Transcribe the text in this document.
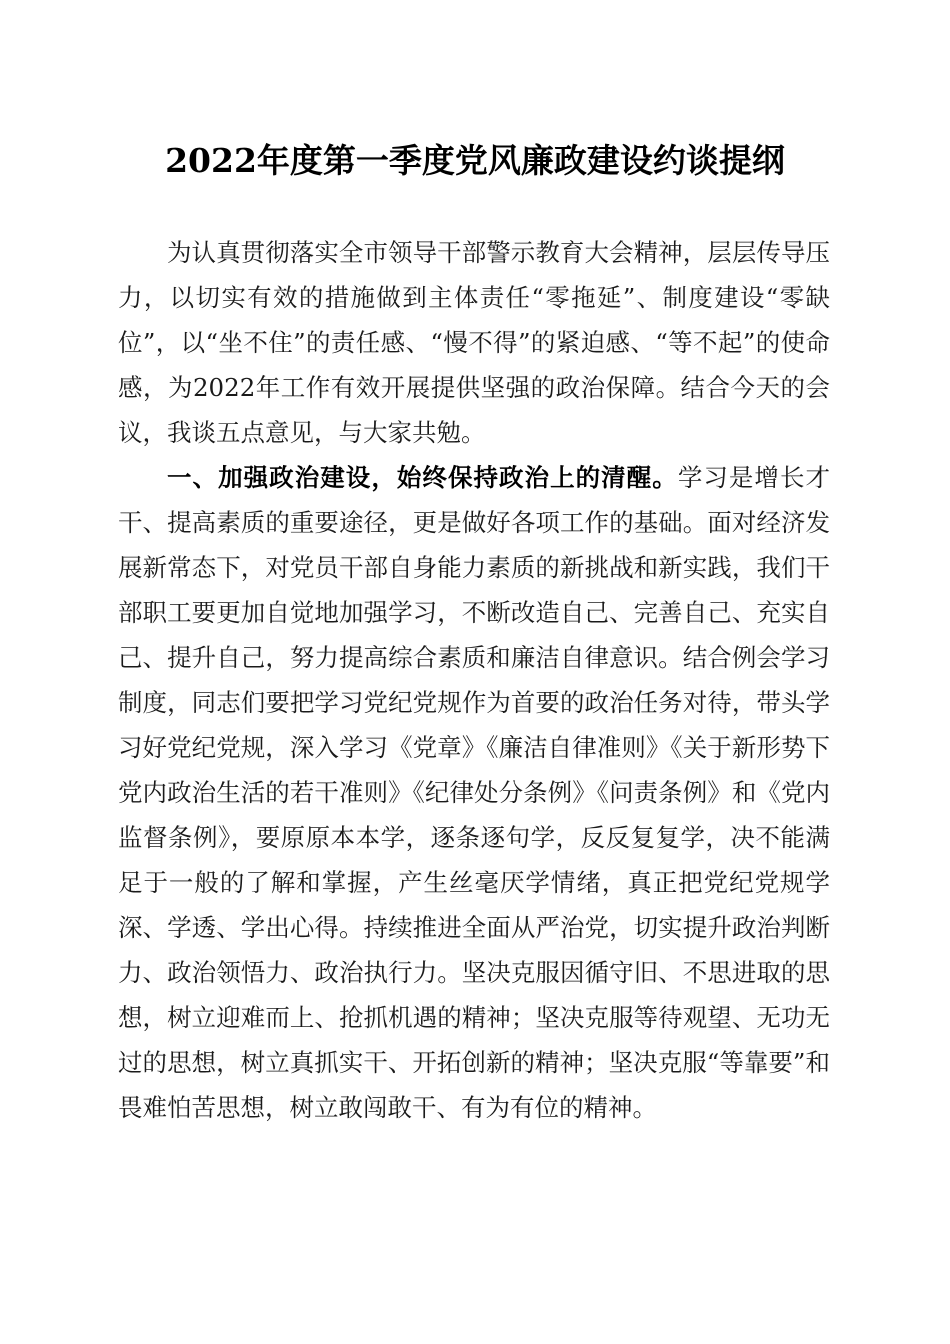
2022年度第一季度党风廉政建设约谈提纲

为认真贯彻落实全市领导干部警示教育大会精神，层层传导压力，以切实有效的措施做到主体责任“零拖延”、制度建设“零缺位”，以“坐不住”的责任感、“慢不得”的紧迫感、“等不起”的使命感，为2022年工作有效开展提供坚强的政治保障。结合今天的会议，我谈五点意见，与大家共勉。

一、加强政治建设，始终保持政治上的清醒。学习是增长才干、提高素质的重要途径，更是做好各项工作的基础。面对经济发展新常态下，对党员干部自身能力素质的新挑战和新实践，我们干部职工要更加自觉地加强学习，不断改造自己、完善自己、充实自己、提升自己，努力提高综合素质和廉洁自律意识。结合例会学习制度，同志们要把学习党纪党规作为首要的政治任务对待，带头学习好党纪党规，深入学习《党章》《廉洁自律准则》《关于新形势下党内政治生活的若干准则》《纪律处分条例》《问责条例》和《党内监督条例》，要原原本本学，逐条逐句学，反反复复学，决不能满足于一般的了解和掌握，产生丝毫厌学情绪，真正把党纪党规学深、学透、学出心得。持续推进全面从严治党，切实提升政治判断力、政治领悟力、政治执行力。坚决克服因循守旧、不思进取的思想，树立迎难而上、抢抓机遇的精神；坚决克服等待观望、无功无过的思想，树立真抓实干、开拓创新的精神；坚决克服“等靠要”和畏难怕苦思想，树立敢闯敢干、有为有位的精神。
